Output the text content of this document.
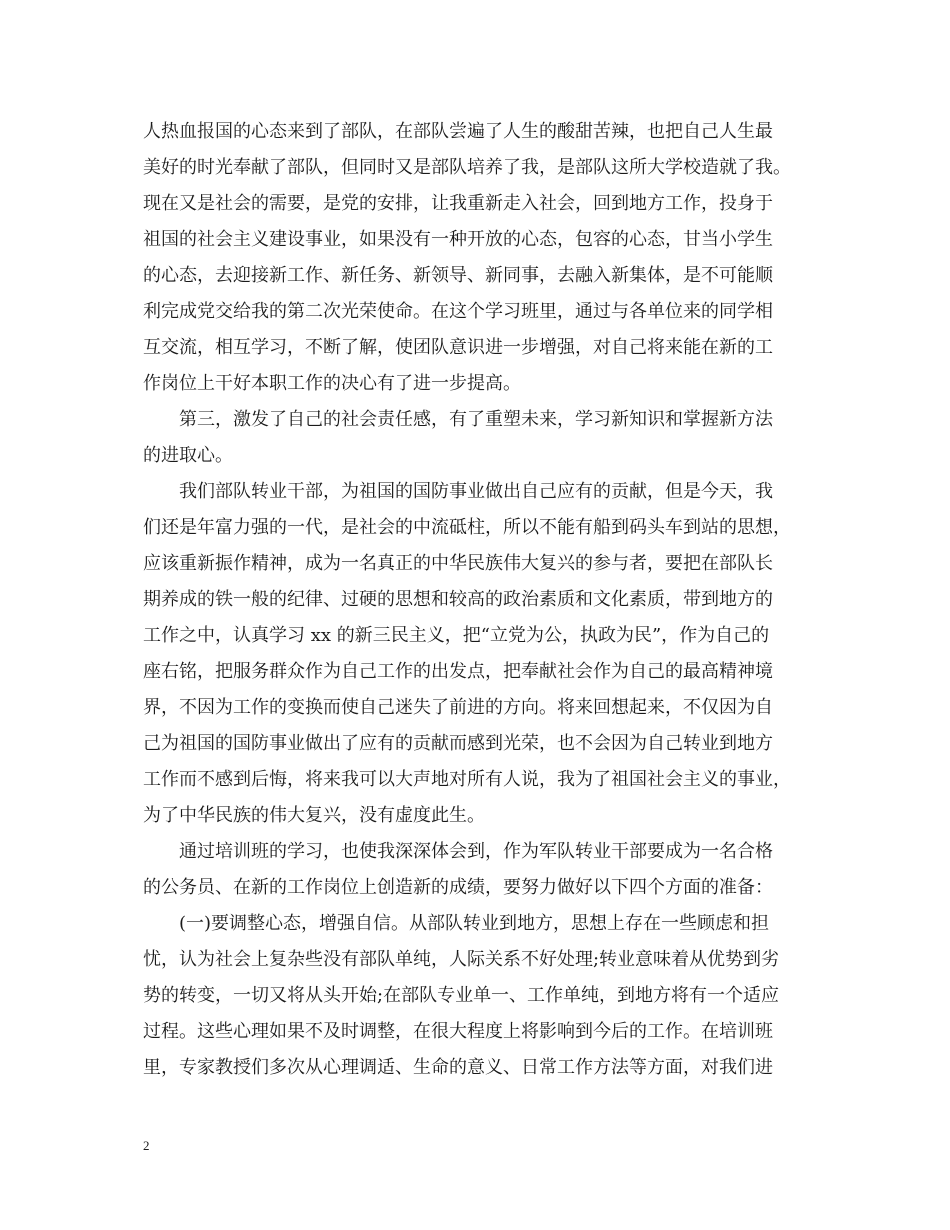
人热血报国的心态来到了部队，在部队尝遍了人生的酸甜苦辣，也把自己人生最
美好的时光奉献了部队，但同时又是部队培养了我，是部队这所大学校造就了我。
现在又是社会的需要，是党的安排，让我重新走入社会，回到地方工作，投身于
祖国的社会主义建设事业，如果没有一种开放的心态，包容的心态，甘当小学生
的心态，去迎接新工作、新任务、新领导、新同事，去融入新集体，是不可能顺
利完成党交给我的第二次光荣使命。在这个学习班里，通过与各单位来的同学相
互交流，相互学习，不断了解，使团队意识进一步增强，对自己将来能在新的工
作岗位上干好本职工作的决心有了进一步提高。
　　第三，激发了自己的社会责任感，有了重塑未来，学习新知识和掌握新方法
的进取心。
　　我们部队转业干部，为祖国的国防事业做出自己应有的贡献，但是今天，我
们还是年富力强的一代，是社会的中流砥柱，所以不能有船到码头车到站的思想，
应该重新振作精神，成为一名真正的中华民族伟大复兴的参与者，要把在部队长
期养成的铁一般的纪律、过硬的思想和较高的政治素质和文化素质，带到地方的
工作之中，认真学习 xx 的新三民主义，把“立党为公，执政为民”，作为自己的
座右铭，把服务群众作为自己工作的出发点，把奉献社会作为自己的最高精神境
界，不因为工作的变换而使自己迷失了前进的方向。将来回想起来，不仅因为自
己为祖国的国防事业做出了应有的贡献而感到光荣，也不会因为自己转业到地方
工作而不感到后悔，将来我可以大声地对所有人说，我为了祖国社会主义的事业，
为了中华民族的伟大复兴，没有虚度此生。
　　通过培训班的学习，也使我深深体会到，作为军队转业干部要成为一名合格
的公务员、在新的工作岗位上创造新的成绩，要努力做好以下四个方面的准备：
　　(一)要调整心态，增强自信。从部队转业到地方，思想上存在一些顾虑和担
忧，认为社会上复杂些没有部队单纯，人际关系不好处理;转业意味着从优势到劣
势的转变，一切又将从头开始;在部队专业单一、工作单纯，到地方将有一个适应
过程。这些心理如果不及时调整，在很大程度上将影响到今后的工作。在培训班
里，专家教授们多次从心理调适、生命的意义、日常工作方法等方面，对我们进
2
